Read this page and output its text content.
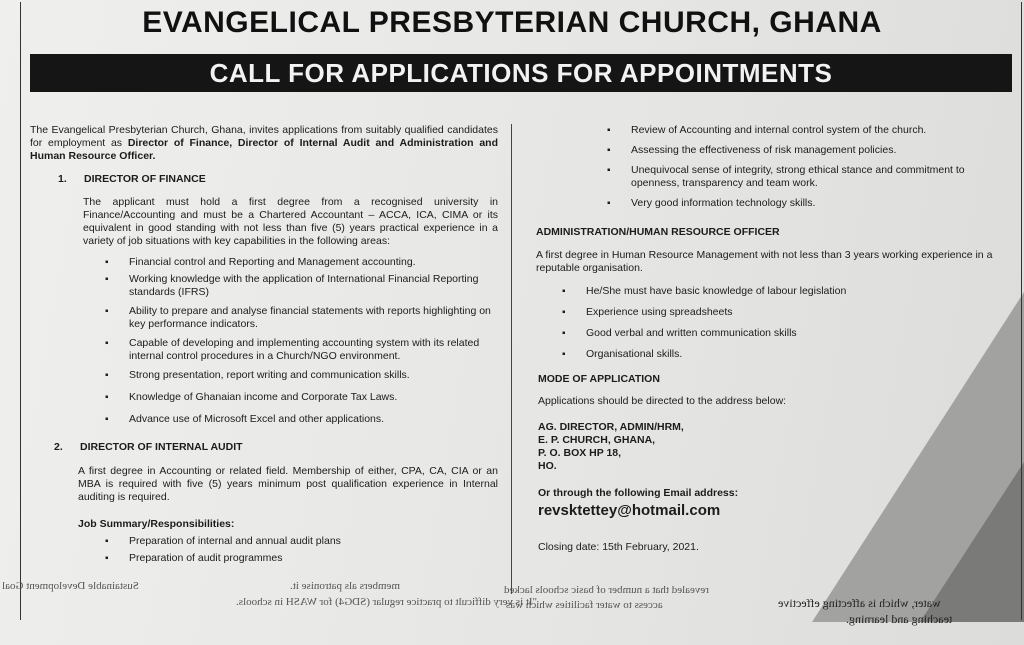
EVANGELICAL PRESBYTERIAN CHURCH, GHANA
CALL FOR APPLICATIONS FOR APPOINTMENTS

The Evangelical Presbyterian Church, Ghana, invites applications from suitably qualified candidates for employment as Director of Finance, Director of Internal Audit and Administration and Human Resource Officer.

1. DIRECTOR OF FINANCE

The applicant must hold a first degree from a recognised university in Finance/Accounting and must be a Chartered Accountant – ACCA, ICA, CIMA or its equivalent in good standing with not less than five (5) years practical experience in a variety of job situations with key capabilities in the following areas:

▪ Financial control and Reporting and Management accounting.
▪ Working knowledge with the application of International Financial Reporting standards (IFRS)
▪ Ability to prepare and analyse financial statements with reports highlighting on key performance indicators.
▪ Capable of developing and implementing accounting system with its related internal control procedures in a Church/NGO environment.
▪ Strong presentation, report writing and communication skills.
▪ Knowledge of Ghanaian income and Corporate Tax Laws.
▪ Advance use of Microsoft Excel and other applications.

2. DIRECTOR OF INTERNAL AUDIT

A first degree in Accounting or related field. Membership of either, CPA, CA, CIA or an MBA is required with five (5) years minimum post qualification experience in Internal auditing is required.

Job Summary/Responsibilities:

▪ Preparation of internal and annual audit plans
▪ Preparation of audit programmes
▪ Review of Accounting and internal control system of the church.
▪ Assessing the effectiveness of risk management policies.
▪ Unequivocal sense of integrity, strong ethical stance and commitment to openness, transparency and team work.
▪ Very good information technology skills.

ADMINISTRATION/HUMAN RESOURCE OFFICER

A first degree in Human Resource Management with not less than 3 years working experience in a reputable organisation.

▪ He/She must have basic knowledge of labour legislation
▪ Experience using spreadsheets
▪ Good verbal and written communication skills
▪ Organisational skills.

MODE OF APPLICATION

Applications should be directed to the address below:

AG. DIRECTOR, ADMIN/HRM,
E. P. CHURCH, GHANA,
P. O. BOX HP 18,
HO.

Or through the following Email address:

revsktettey@hotmail.com

Closing date: 15th February, 2021.

members als patronise it.
"It is very difficult to practice regular (SDG4) for WASH in schools.
Sustainable Development Goal	revealed that a number of basic schools lacked
access to water facilities which was	water, which is affecting effective
teaching and learning.
